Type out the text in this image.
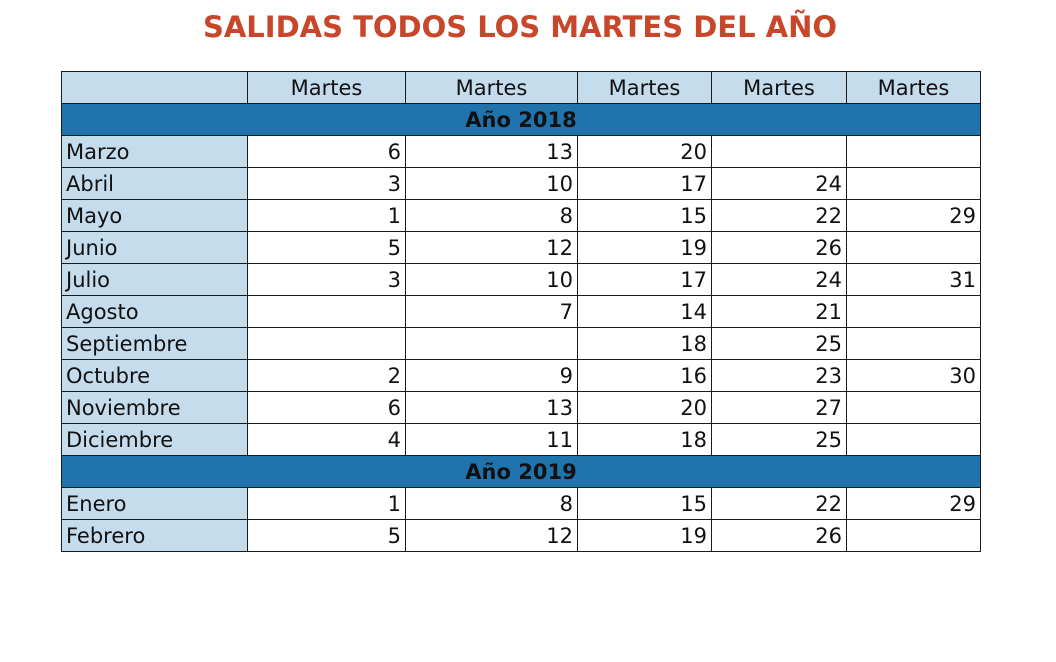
SALIDAS TODOS LOS MARTES DEL AÑO
	Martes	Martes	Martes	Martes	Martes
Año 2018					
Marzo	6	13	20		
Abril	3	10	17	24	
Mayo	1	8	15	22	29
Junio	5	12	19	26	
Julio	3	10	17	24	31
Agosto		7	14	21	
Septiembre			18	25	
Octubre	2	9	16	23	30
Noviembre	6	13	20	27	
Diciembre	4	11	18	25	
Año 2019					
Enero	1	8	15	22	29
Febrero	5	12	19	26	
